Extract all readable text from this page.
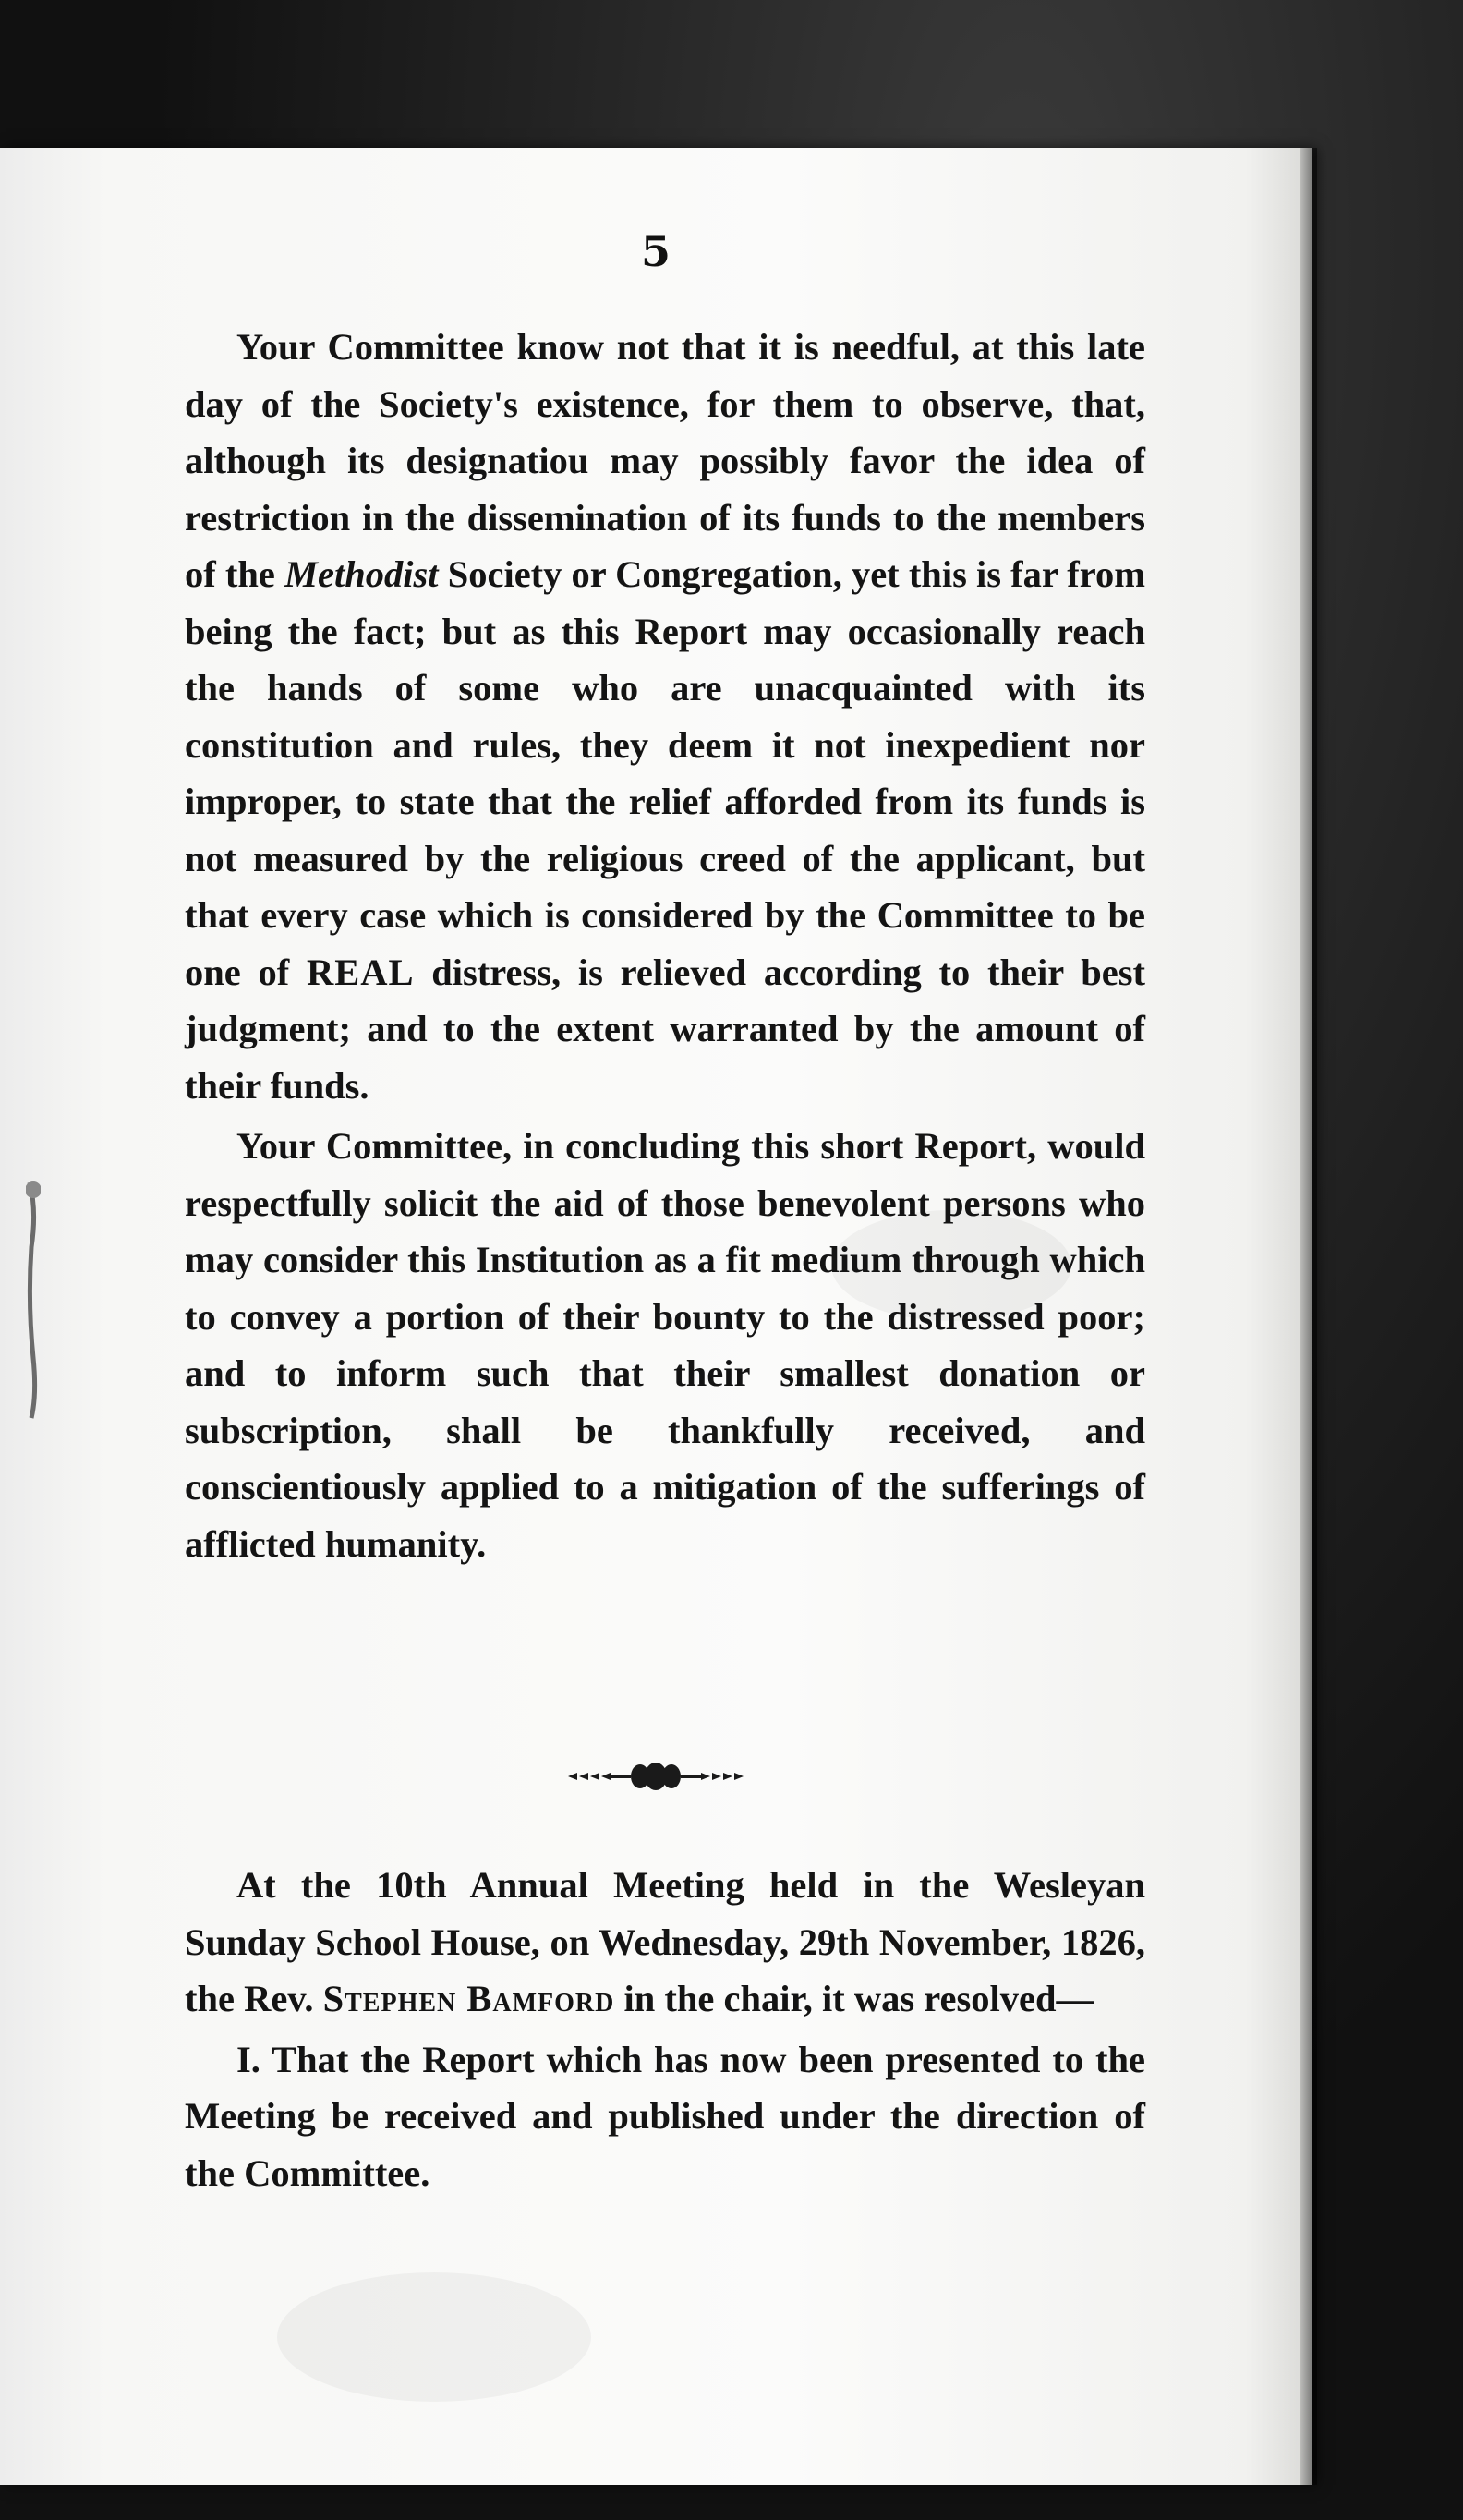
5

Your Committee know not that it is needful, at this late day of the Society's existence, for them to observe, that, although its designatiou may possibly favor the idea of restriction in the dissemination of its funds to the members of the Methodist Society or Congregation, yet this is far from being the fact; but as this Report may occasionally reach the hands of some who are unacquainted with its constitution and rules, they deem it not inexpedient nor improper, to state that the relief afforded from its funds is not measured by the religious creed of the applicant, but that every case which is considered by the Committee to be one of REAL distress, is relieved according to their best judgment; and to the extent warranted by the amount of their funds.

Your Committee, in concluding this short Report, would respectfully solicit the aid of those benevolent persons who may consider this Institution as a fit medium through which to convey a portion of their bounty to the distressed poor; and to inform such that their smallest donation or subscription, shall be thankfully received, and conscientiously applied to a mitigation of the sufferings of afflicted humanity.

At the 10th Annual Meeting held in the Wesleyan Sunday School House, on Wednesday, 29th November, 1826, the Rev. Stephen Bamford in the chair, it was resolved—

I. That the Report which has now been presented to the Meeting be received and published under the direction of the Committee.
